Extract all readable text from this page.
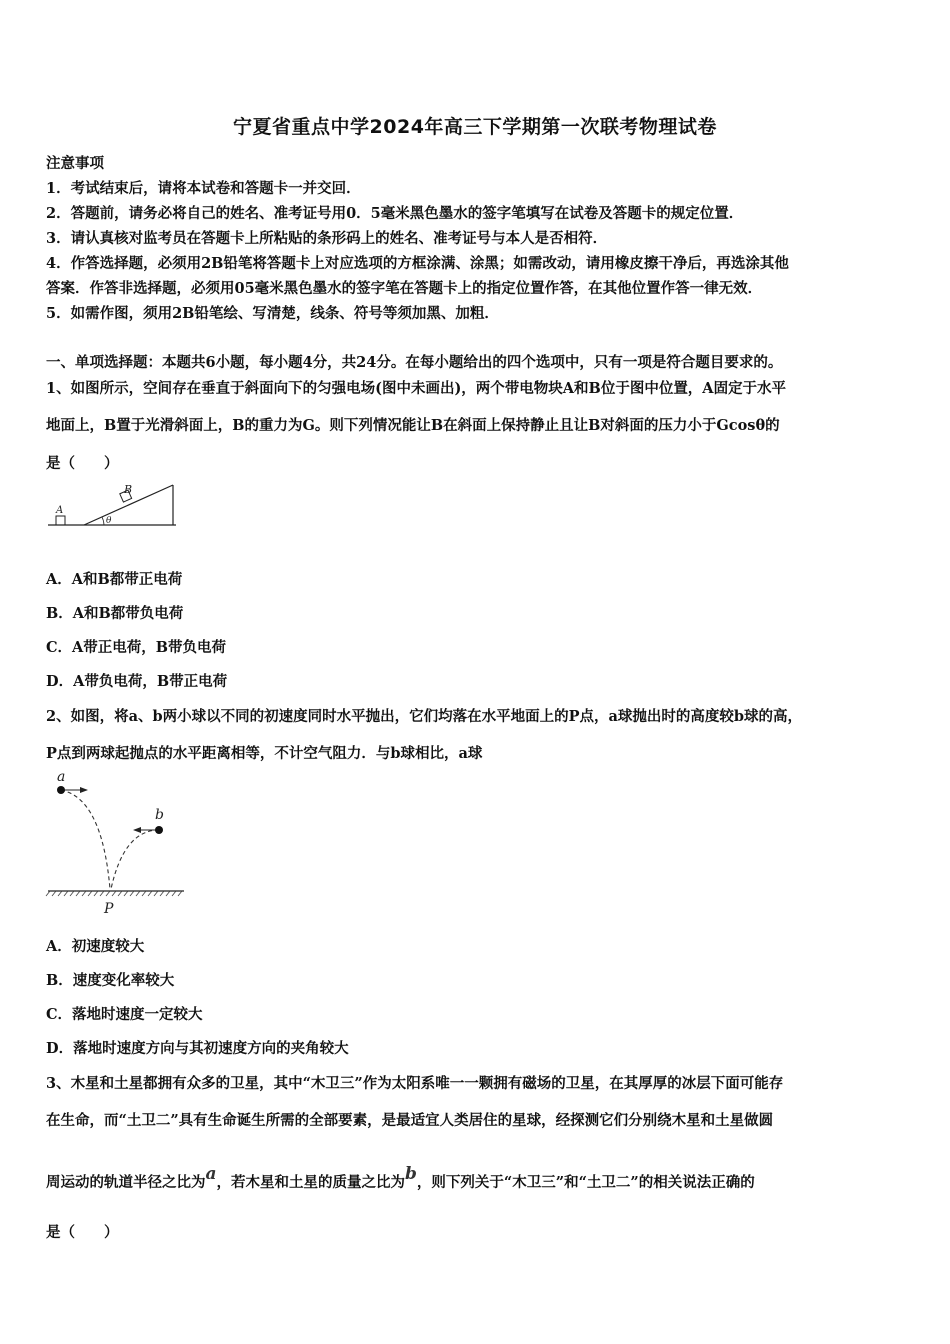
宁夏省重点中学2024年高三下学期第一次联考物理试卷
注意事项
1．考试结束后，请将本试卷和答题卡一并交回．
2．答题前，请务必将自己的姓名、准考证号用0．5毫米黑色墨水的签字笔填写在试卷及答题卡的规定位置．
3．请认真核对监考员在答题卡上所粘贴的条形码上的姓名、准考证号与本人是否相符．
4．作答选择题，必须用2B铅笔将答题卡上对应选项的方框涂满、涂黑；如需改动，请用橡皮擦干净后，再选涂其他
答案．作答非选择题，必须用05毫米黑色墨水的签字笔在答题卡上的指定位置作答，在其他位置作答一律无效．
5．如需作图，须用2B铅笔绘、写清楚，线条、符号等须加黑、加粗．
一、单项选择题：本题共6小题，每小题4分，共24分。在每小题给出的四个选项中，只有一项是符合题目要求的。
1、如图所示，空间存在垂直于斜面向下的匀强电场(图中未画出)，两个带电物块A和B位于图中位置，A固定于水平
地面上，B置于光滑斜面上，B的重力为G。则下列情况能让B在斜面上保持静止且让B对斜面的压力小于Gcosθ的
是（　　）
A
B
θ
A．A和B都带正电荷
B．A和B都带负电荷
C．A带正电荷，B带负电荷
D．A带负电荷，B带正电荷
2、如图，将a、b两小球以不同的初速度同时水平抛出，它们均落在水平地面上的P点，a球抛出时的高度较b球的高，
P点到两球起抛点的水平距离相等，不计空气阻力．与b球相比，a球
a
b
P
A．初速度较大
B．速度变化率较大
C．落地时速度一定较大
D．落地时速度方向与其初速度方向的夹角较大
3、木星和土星都拥有众多的卫星，其中“木卫三”作为太阳系唯一一颗拥有磁场的卫星，在其厚厚的冰层下面可能存
在生命，而“土卫二”具有生命诞生所需的全部要素，是最适宜人类居住的星球，经探测它们分别绕木星和土星做圆
周运动的轨道半径之比为a，若木星和土星的质量之比为b，则下列关于“木卫三”和“土卫二”的相关说法正确的
是（　　）
